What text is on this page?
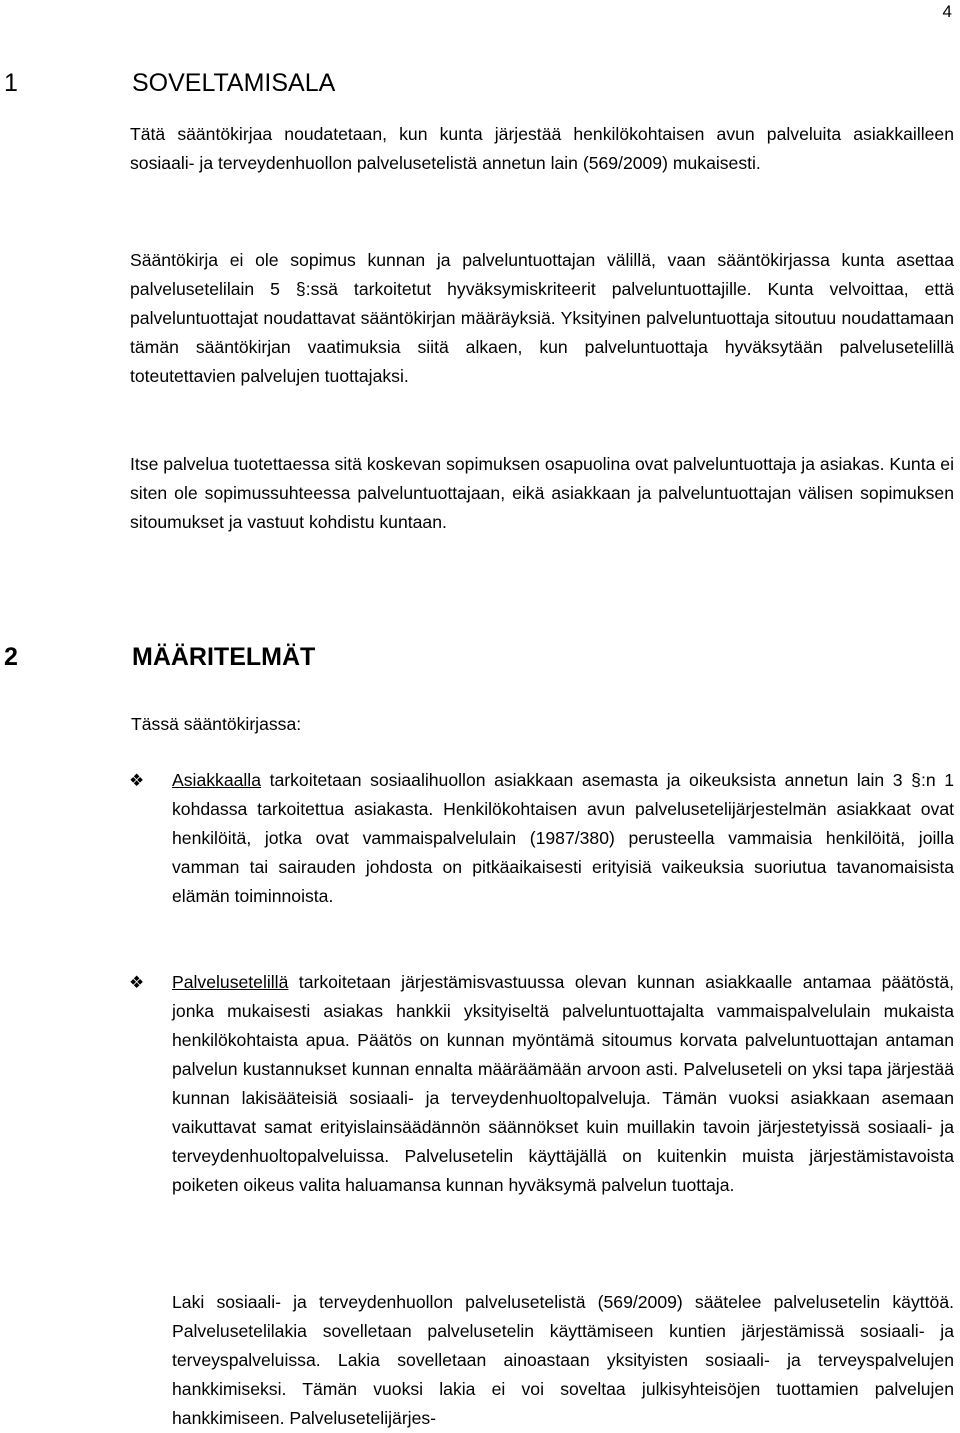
4
1	SOVELTAMISALA

Tätä sääntökirjaa noudatetaan, kun kunta järjestää henkilökohtaisen avun palveluita asiakkailleen sosiaali- ja terveydenhuollon palvelusetelistä annetun lain (569/2009) mukaisesti.

Sääntökirja ei ole sopimus kunnan ja palveluntuottajan välillä, vaan sääntökirjassa kunta asettaa palvelusetelilain 5 §:ssä tarkoitetut hyväksymiskriteerit palveluntuottajille. Kunta velvoittaa, että palveluntuottajat noudattavat sääntökirjan määräyksiä. Yksityinen palveluntuottaja sitoutuu noudattamaan tämän sääntökirjan vaatimuksia siitä alkaen, kun palveluntuottaja hyväksytään palvelusetelillä toteutettavien palvelujen tuottajaksi.

Itse palvelua tuotettaessa sitä koskevan sopimuksen osapuolina ovat palveluntuottaja ja asiakas. Kunta ei siten ole sopimussuhteessa palveluntuottajaan, eikä asiakkaan ja palveluntuottajan välisen sopimuksen sitoumukset ja vastuut kohdistu kuntaan.

2	MÄÄRITELMÄT

Tässä sääntökirjassa:

❖ Asiakkaalla tarkoitetaan sosiaalihuollon asiakkaan asemasta ja oikeuksista annetun lain 3 §:n 1 kohdassa tarkoitettua asiakasta. Henkilökohtaisen avun palvelusetelijärjestelmän asiakkaat ovat henkilöitä, jotka ovat vammaispalvelulain (1987/380) perusteella vammaisia henkilöitä, joilla vamman tai sairauden johdosta on pitkäaikaisesti erityisiä vaikeuksia suoriutua tavanomaisista elämän toiminnoista.

❖ Palvelusetelillä tarkoitetaan järjestämisvastuussa olevan kunnan asiakkaalle antamaa päätöstä, jonka mukaisesti asiakas hankkii yksityiseltä palveluntuottajalta vammaispalvelulain mukaista henkilökohtaista apua. Päätös on kunnan myöntämä sitoumus korvata palveluntuottajan antaman palvelun kustannukset kunnan ennalta määräämään arvoon asti. Palveluseteli on yksi tapa järjestää kunnan lakisääteisiä sosiaali- ja terveydenhuoltopalveluja. Tämän vuoksi asiakkaan asemaan vaikuttavat samat erityislainsäädännön säännökset kuin muillakin tavoin järjestetyissä sosiaali- ja terveydenhuoltopalveluissa. Palvelusetelin käyttäjällä on kuitenkin muista järjestämistavoista poiketen oikeus valita haluamansa kunnan hyväksymä palvelun tuottaja.

Laki sosiaali- ja terveydenhuollon palvelusetelistä (569/2009) säätelee palvelusetelin käyttöä. Palvelusetelilakia sovelletaan palvelusetelin käyttämiseen kuntien järjestämissä sosiaali- ja terveyspalveluissa. Lakia sovelletaan ainoastaan yksityisten sosiaali- ja terveyspalvelujen hankkimiseksi. Tämän vuoksi lakia ei voi soveltaa julkisyhteisöjen tuottamien palvelujen hankkimiseen. Palvelusetelijärjes-
